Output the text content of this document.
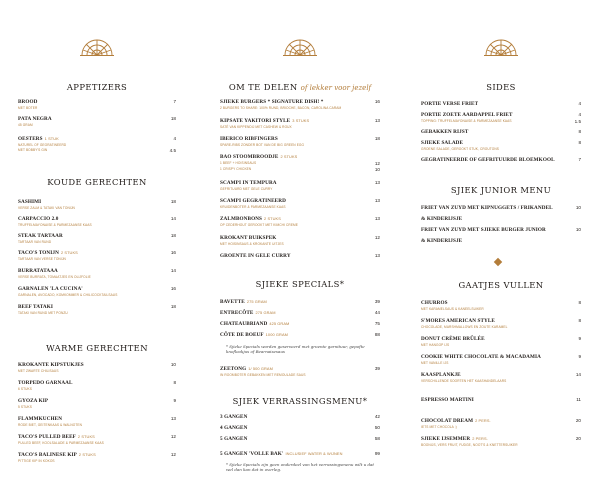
APPETIZERS
BROOD	7
MET BOTER
PATA NEGRA	18
45 GRAM
OESTERS 1 STUK	4
NATUREL OF GEGRATINEERD
MET BOBBY'S GIN	4.5
KOUDE GERECHTEN
SASHIMI	18
VERSE ZALM & TATAKI VAN TONIJN
CARPACCIO 2.0	14
TRUFFELMAYONAISE & PARMEZAANSE KAAS
STEAK TARTAAR	18
TARTAAR VAN RUND
TACO'S TONIJN 2 STUKS	16
TARTAAR VAN VERSE TONIJN
BURRATATAAA	14
VERSE BURRATA, TOMAATJES EN OLIJFOLIE
GARNALEN 'LA CUCINA'	16
GARNALEN, AVOCADO, KOMKOMMER & CHILICOCKTAILSAUS
BEEF TATAKI	18
TATAKI VAN RUND MET PONZU
WARME GERECHTEN
KROKANTE KIPSTUKJES	10
MET ZWARTE CHILISAUS
TORPEDO GARNAAL	8
6 STUKS
GYOZA KIP	9
5 STUKS
FLAMMKUCHEN	13
RODE BIET, GEITENKAAS & WALNOTEN
TACO'S PULLED BEEF 2 STUKS	12
PULLED BEEF, KOOLSALADE & PARMEZAANSE KAAS
TACO'S BALINESE KIP 2 STUKS	12
PITTIGE KIP IN KOKOS
OM TE DELEN of lekker voor jezelf
SJIEKE BURGERS * SIGNATURE DISH! *	16
2 BURGERS TO SHARE: 100% RUND, BRIOCHE, BACON, CAROLINA CARAM
KIPSATE YAKITORI STYLE 3 STUKS	13
SATÉ VAN KIPPENDIJ MET CASHEW & ROUX
IBERICO RIBFINGERS	18
SPARE-RIBS ZONDER BOT VAN DE BIG GREEN EGG
BAO STOOMBROODJE 2 STUKS
1 BEEF + HOISINSAUS	12
1 CRISPY CHICKEN	10
SCAMPI IN TEMPURA	13
GEFRITUURD MET GELE CURRY
SCAMPI GEGRATINEERD	13
KRUIDENBOTER & PARMEZAANSE KAAS
ZALMBONBONS 2 STUKS	13
OP CEDERHOUT GEROOKT MET KIMCHI CREME
KROKANT BUIKSPEK	12
MET HOISINSAUS & KROKANTE UITJES
GROENTE IN GELE CURRY	13
SJIEKE SPECIALS*
BAVETTE 275 GRAM	39
ENTRECÔTE 275 GRAM	44
CHATEAUBRIAND 425 GRAM	75
CÔTE DE BOEUF 1000 GRAM	88
* Sjieke Specials worden geserveerd met groente garnituur, gepofte knoflookjus of Bearnaisesaus
ZEETONG 1/ 500 GRAM	39
IN ROOMBOTER GEBAKKEN MET REMOULADE SAUS
SJIEK VERRASSINGSMENU*
3 GANGEN	42
4 GANGEN	50
5 GANGEN	58
5 GANGEN 'VOLLE BAK' INCLUSIEF WATER & WIJNEN	99
* Sjieke Specials zijn geen onderdeel van het verrassingsmenu wilt u dat wel dan kan dat in overleg.
SIDES
PORTIE VERSE FRIET	4
PORTIE ZOETE AARDAPPEL FRIET	4
TOPPING: TRUFFELMAYONAISE & PARMEZAANSE KAAS	1.5
GEBAKKEN RIJST	8
SJIEKE SALADE	8
GROENE SALADE, GEROOKT STUK, CROUTONS
GEGRATINEERDE OF GEFRITUURDE BLOEMKOOL	7
SJIEK JUNIOR MENU
FRIET VAN ZUYD MET KIPNUGGETS / FRIKANDEL	10
& KINDERIJSJE
FRIET VAN ZUYD MET SJIEKE BURGER JUNIOR	10
& KINDERIJSJE
GAATJES VULLEN
CHURROS	8
MET KARAMELSAUS & KANEELSUIKER
S'MORES AMERICAN STYLE	8
CHOCOLADE, MARSHMALLOWS EN ZOUTE KARAMEL
DONUT CRÈME BRÛLÉE	9
MET HANGOP IJS
COOKIE WHITE CHOCOLATE & MACADAMIA	9
MET VANILLE IJS
KAASPLANKJE	14
VERSCHILLENDE SOORTEN HET KAASHANDELAARS
ESPRESSO MARTINI	11
CHOCOLAT DREAM 2 PERS.	20
IETS MET CHOCOLA :)
SJIEKE IJSEMMER 2 PERS.	20
BOONIJS, VERS FRUIT, FUDGE, NOOT'S & KNETTERSUIKER
